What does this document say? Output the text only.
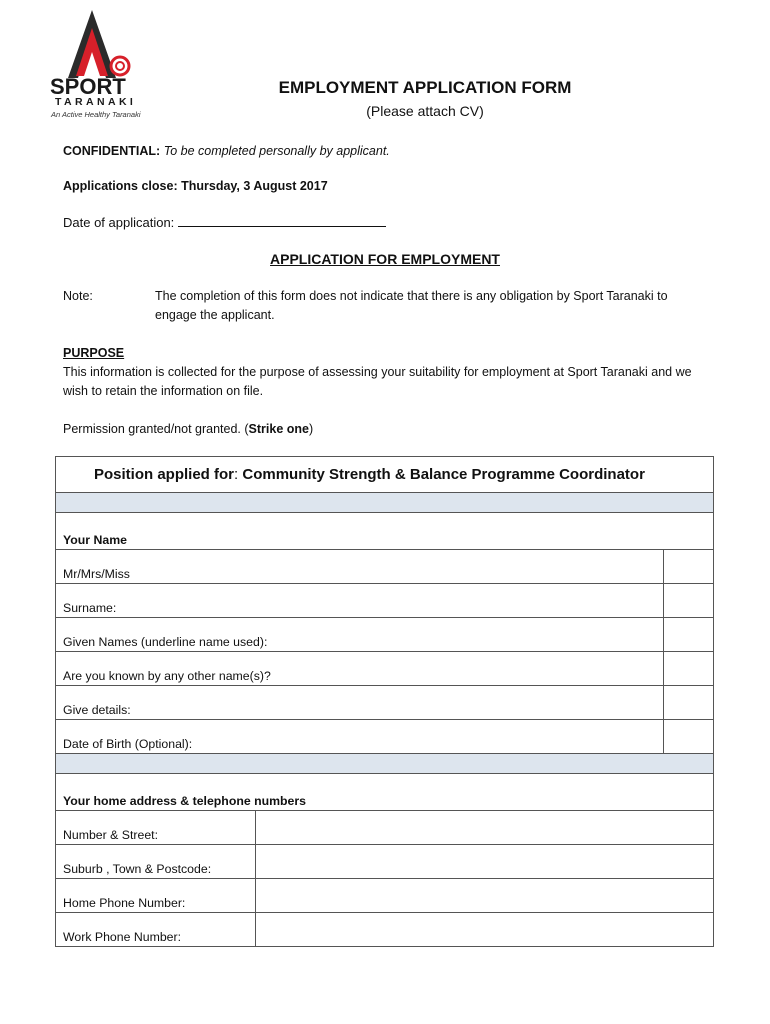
SPORT
TARANAKI
An Active Healthy Taranaki
EMPLOYMENT APPLICATION FORM
(Please attach CV)
CONFIDENTIAL: To be completed personally by applicant.
Applications close: Thursday, 3 August 2017
Date of application:
APPLICATION FOR EMPLOYMENT
Note:	The completion of this form does not indicate that there is any obligation by Sport Taranaki to engage the applicant.
PURPOSE
This information is collected for the purpose of assessing your suitability for employment at Sport Taranaki and we wish to retain the information on file.
Permission granted/not granted. (Strike one)
Position applied for: Community Strength & Balance Programme Coordinator		

Your Name		
Mr/Mrs/Miss		
Surname:		
Given Names (underline name used):		
Are you known by any other name(s)?		
Give details:		
Date of Birth (Optional):		

Your home address & telephone numbers		
Number & Street:		
Suburb , Town & Postcode:		
Home Phone Number:		
Work Phone Number:		
